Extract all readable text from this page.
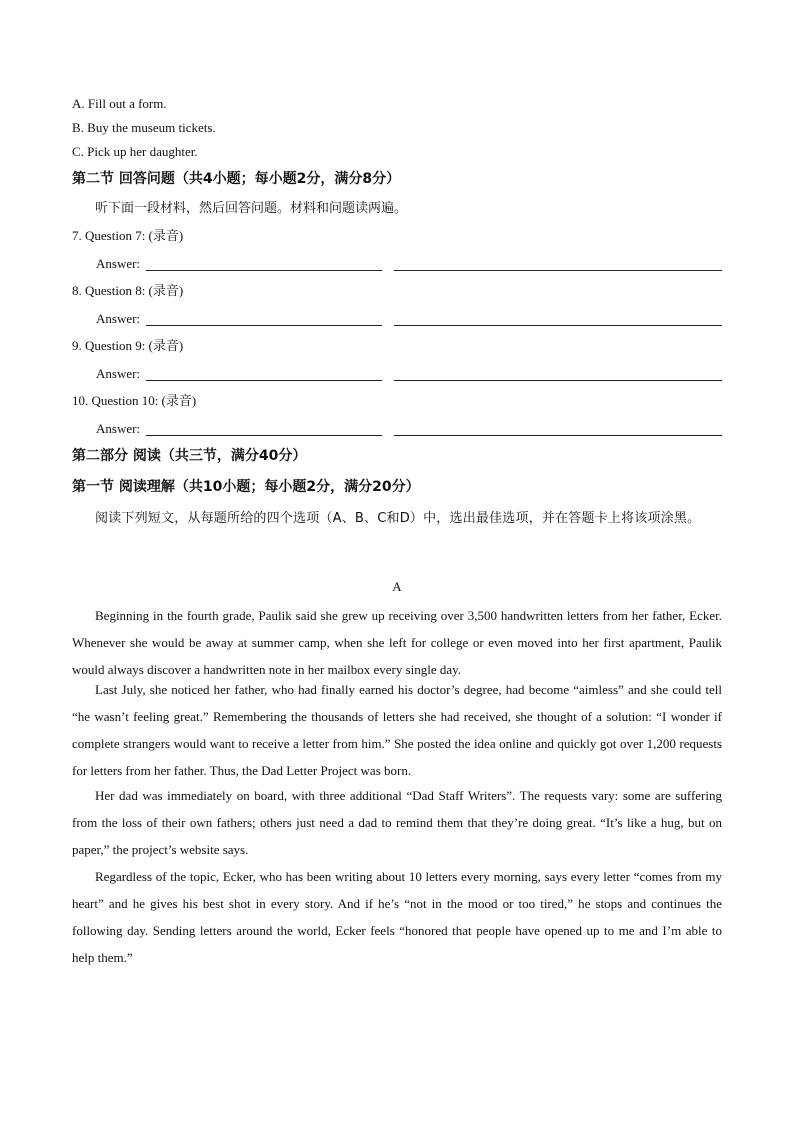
A. Fill out a form.
B. Buy the museum tickets.
C. Pick up her daughter.
第二节 回答问题（共4小题；每小题2分，满分8分）
听下面一段材料，然后回答问题。材料和问题读两遍。
7. Question 7: (录音)
Answer:
8. Question 8: (录音)
Answer:
9. Question 9: (录音)
Answer:
10. Question 10: (录音)
Answer:
第二部分 阅读（共三节，满分40分）
第一节 阅读理解（共10小题；每小题2分，满分20分）
阅读下列短文，从每题所给的四个选项（A、B、C和D）中，选出最佳选项，并在答题卡上将该项涂黑。
A
Beginning in the fourth grade, Paulik said she grew up receiving over 3,500 handwritten letters from her father, Ecker. Whenever she would be away at summer camp, when she left for college or even moved into her first apartment, Paulik would always discover a handwritten note in her mailbox every single day.
Last July, she noticed her father, who had finally earned his doctor’s degree, had become “aimless” and she could tell “he wasn’t feeling great.” Remembering the thousands of letters she had received, she thought of a solution: “I wonder if complete strangers would want to receive a letter from him.” She posted the idea online and quickly got over 1,200 requests for letters from her father. Thus, the Dad Letter Project was born.
Her dad was immediately on board, with three additional “Dad Staff Writers”. The requests vary: some are suffering from the loss of their own fathers; others just need a dad to remind them that they’re doing great. “It’s like a hug, but on paper,” the project’s website says.
Regardless of the topic, Ecker, who has been writing about 10 letters every morning, says every letter “comes from my heart” and he gives his best shot in every story. And if he’s “not in the mood or too tired,” he stops and continues the following day. Sending letters around the world, Ecker feels “honored that people have opened up to me and I’m able to help them.”
